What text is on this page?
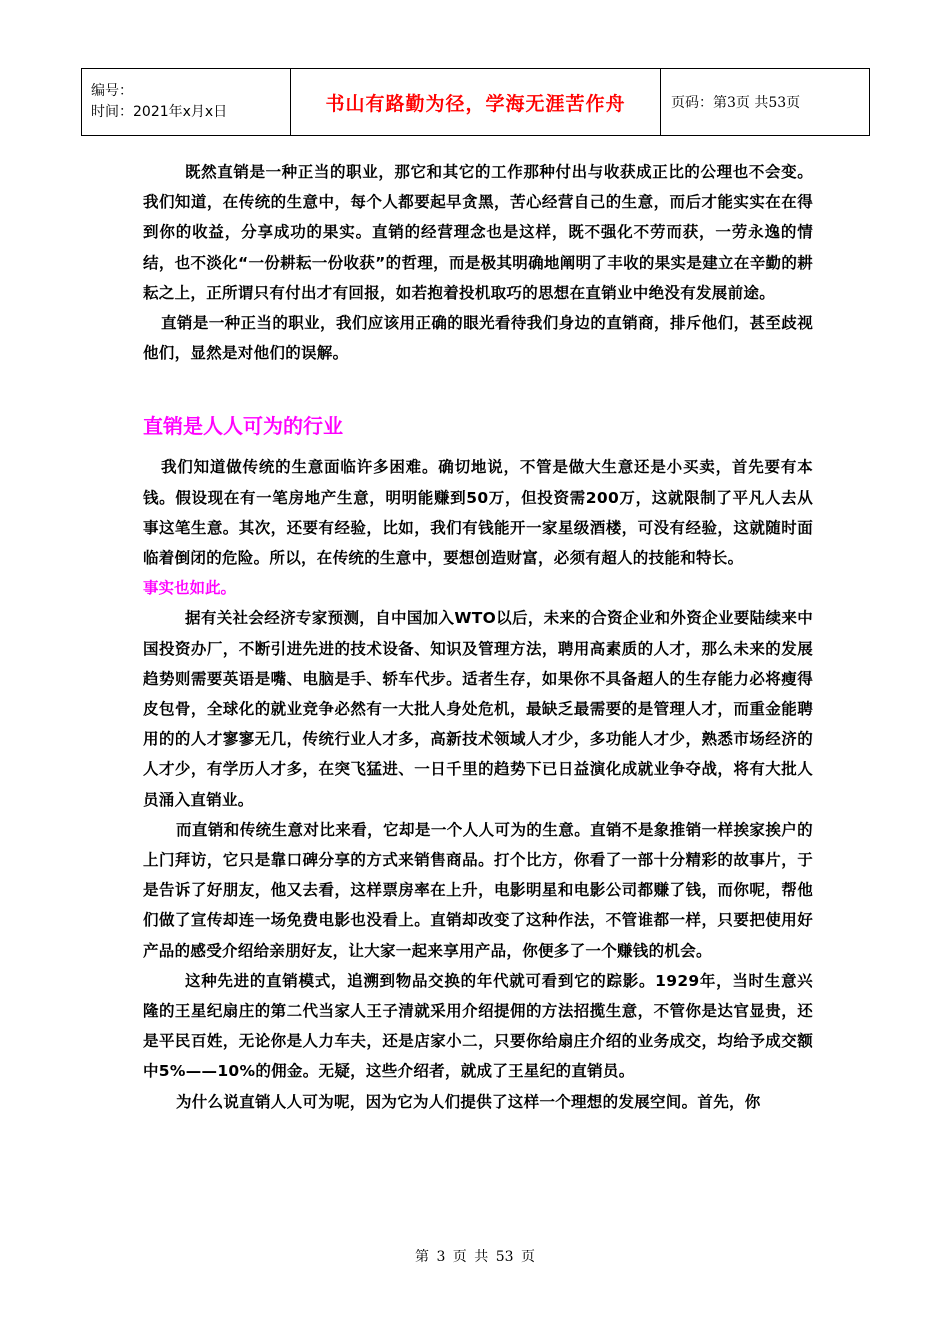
编号：
时间：2021年x月x日	书山有路勤为径，学海无涯苦作舟	页码：第3页 共53页

既然直销是一种正当的职业，那它和其它的工作那种付出与收获成正比的公理也不会变。我们知道，在传统的生意中，每个人都要起早贪黑，苦心经营自己的生意，而后才能实实在在得到你的收益，分享成功的果实。直销的经营理念也是这样，既不强化不劳而获，一劳永逸的情结，也不淡化“一份耕耘一份收获”的哲理，而是极其明确地阐明了丰收的果实是建立在辛勤的耕耘之上，正所谓只有付出才有回报，如若抱着投机取巧的思想在直销业中绝没有发展前途。

直销是一种正当的职业，我们应该用正确的眼光看待我们身边的直销商，排斥他们，甚至歧视他们，显然是对他们的误解。

直销是人人可为的行业

我们知道做传统的生意面临许多困难。确切地说，不管是做大生意还是小买卖，首先要有本钱。假设现在有一笔房地产生意，明明能赚到50万，但投资需200万，这就限制了平凡人去从事这笔生意。其次，还要有经验，比如，我们有钱能开一家星级酒楼，可没有经验，这就随时面临着倒闭的危险。所以，在传统的生意中，要想创造财富，必须有超人的技能和特长。

事实也如此。

据有关社会经济专家预测，自中国加入WTO以后，未来的合资企业和外资企业要陆续来中国投资办厂，不断引进先进的技术设备、知识及管理方法，聘用高素质的人才，那么未来的发展趋势则需要英语是嘴、电脑是手、轿车代步。适者生存，如果你不具备超人的生存能力必将瘦得皮包骨，全球化的就业竞争必然有一大批人身处危机，最缺乏最需要的是管理人才，而重金能聘用的的人才寥寥无几，传统行业人才多，高新技术领域人才少，多功能人才少，熟悉市场经济的人才少，有学历人才多，在突飞猛进、一日千里的趋势下已日益演化成就业争夺战，将有大批人员涌入直销业。

而直销和传统生意对比来看，它却是一个人人可为的生意。直销不是象推销一样挨家挨户的上门拜访，它只是靠口碑分享的方式来销售商品。打个比方，你看了一部十分精彩的故事片，于是告诉了好朋友，他又去看，这样票房率在上升，电影明星和电影公司都赚了钱，而你呢，帮他们做了宣传却连一场免费电影也没看上。直销却改变了这种作法，不管谁都一样，只要把使用好产品的感受介绍给亲朋好友，让大家一起来享用产品，你便多了一个赚钱的机会。

这种先进的直销模式，追溯到物品交换的年代就可看到它的踪影。1929年，当时生意兴隆的王星纪扇庄的第二代当家人王子清就采用介绍提佣的方法招揽生意，不管你是达官显贵，还是平民百姓，无论你是人力车夫，还是店家小二，只要你给扇庄介绍的业务成交，均给予成交额中5%——10%的佣金。无疑，这些介绍者，就成了王星纪的直销员。

为什么说直销人人可为呢，因为它为人们提供了这样一个理想的发展空间。首先，你

第 3 页 共 53 页
